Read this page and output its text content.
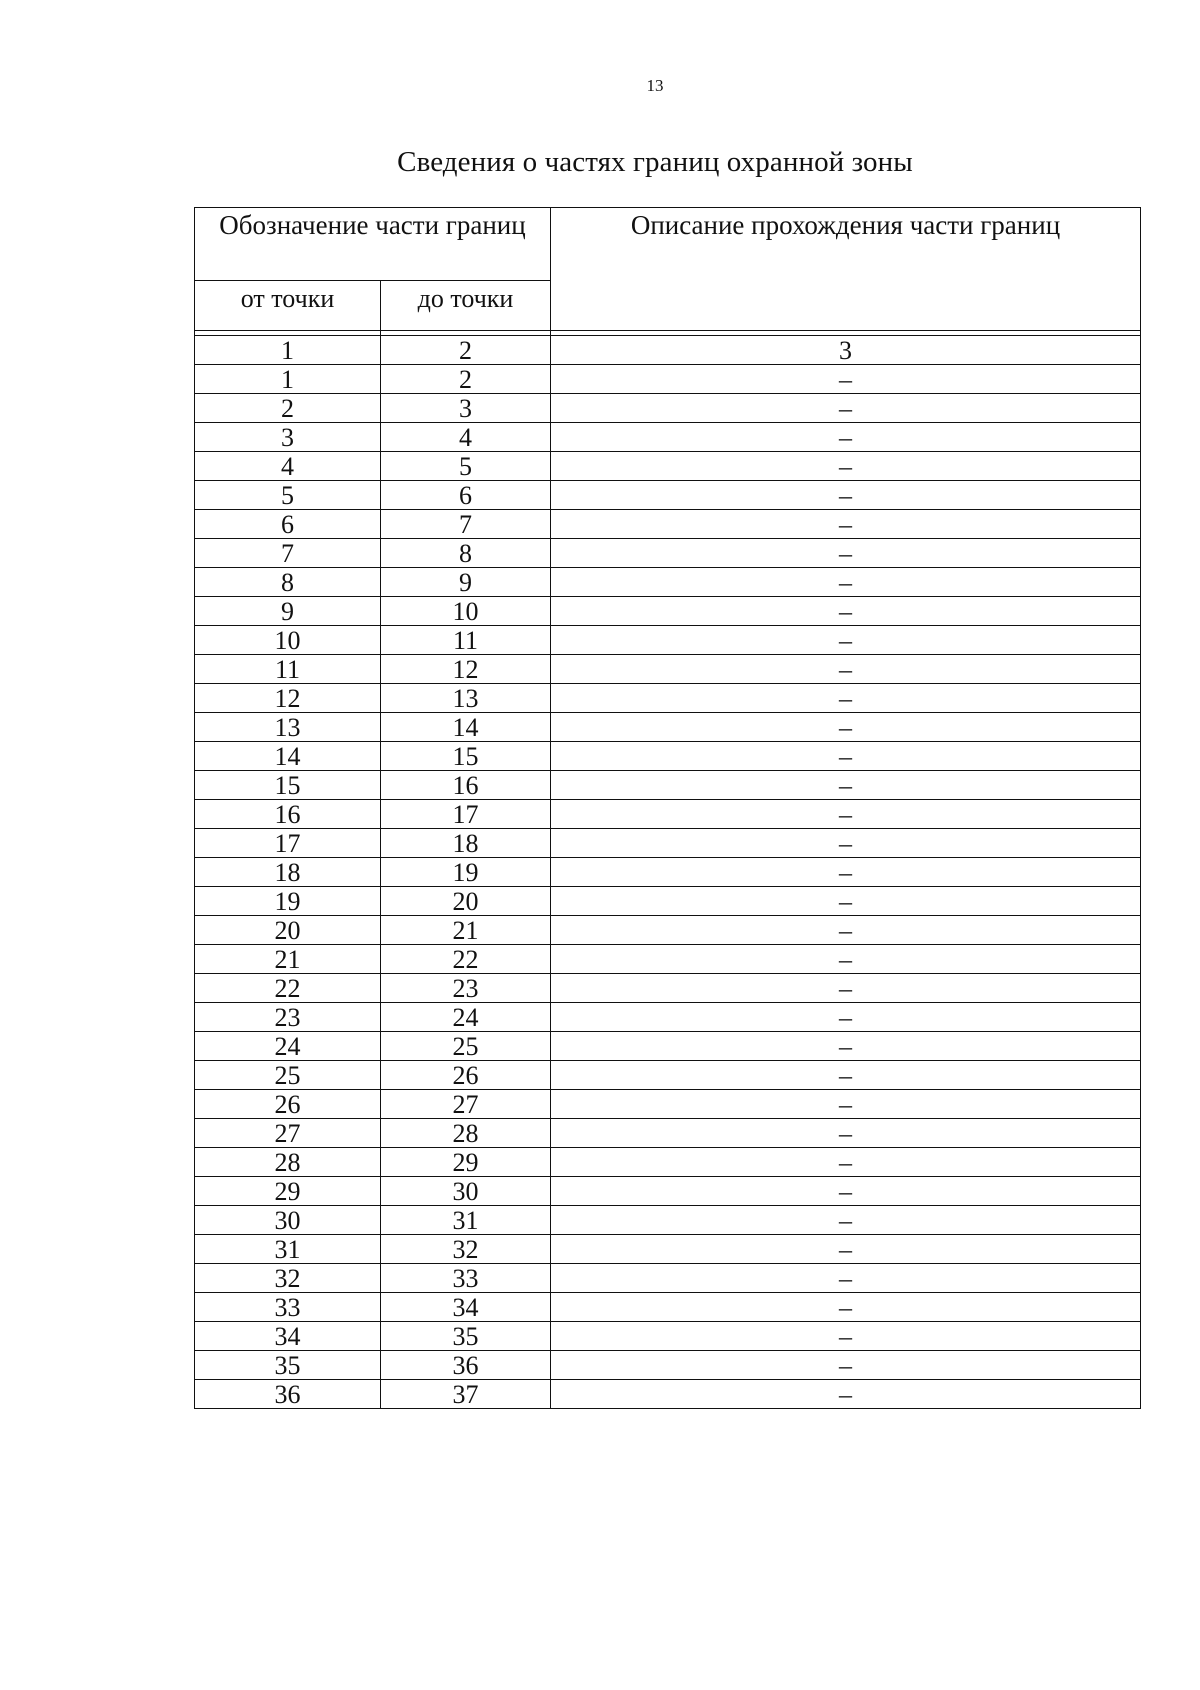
13
Сведения о частях границ охранной зоны
Обозначение части границ		Описание прохождения части границ
от точки	до точки	

1	2	3
1	2	–
2	3	–
3	4	–
4	5	–
5	6	–
6	7	–
7	8	–
8	9	–
9	10	–
10	11	–
11	12	–
12	13	–
13	14	–
14	15	–
15	16	–
16	17	–
17	18	–
18	19	–
19	20	–
20	21	–
21	22	–
22	23	–
23	24	–
24	25	–
25	26	–
26	27	–
27	28	–
28	29	–
29	30	–
30	31	–
31	32	–
32	33	–
33	34	–
34	35	–
35	36	–
36	37	–
